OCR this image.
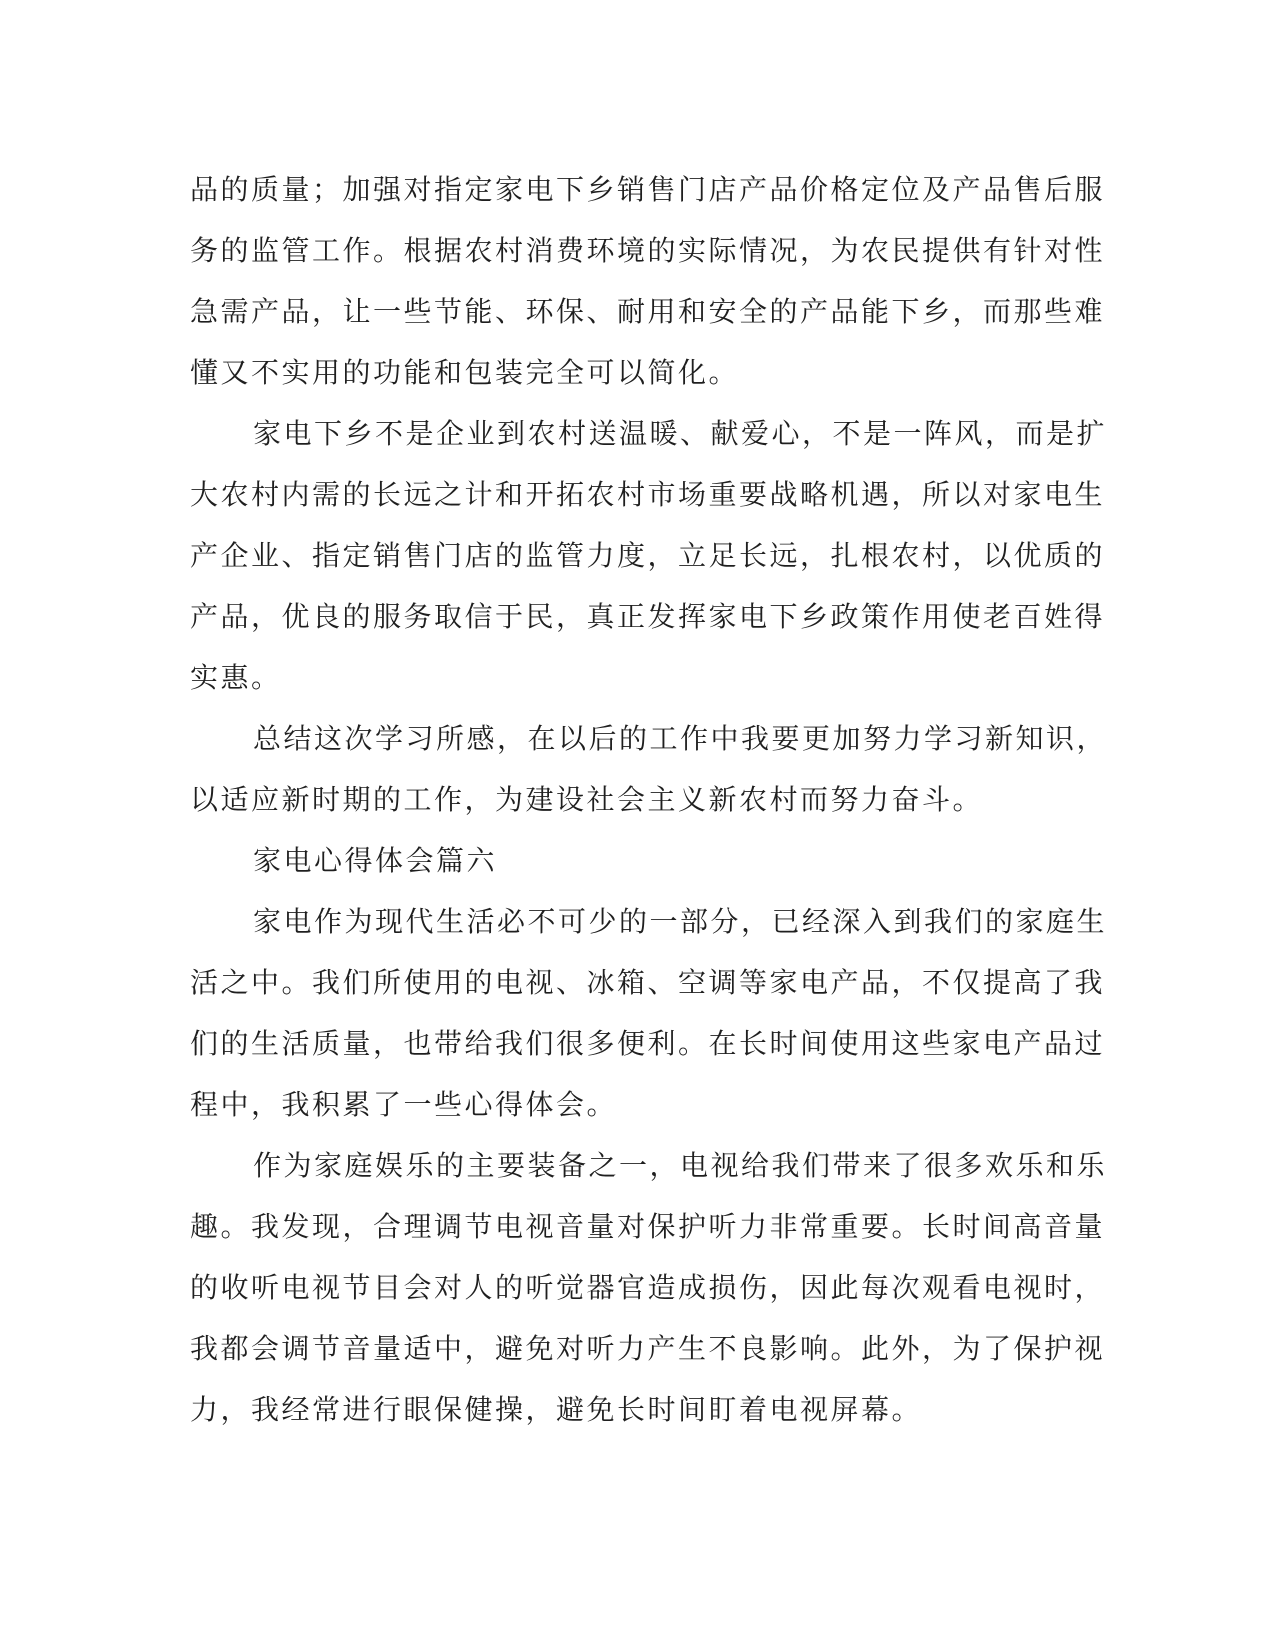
品的质量；加强对指定家电下乡销售门店产品价格定位及产品售后服
务的监管工作。根据农村消费环境的实际情况，为农民提供有针对性
急需产品，让一些节能、环保、耐用和安全的产品能下乡，而那些难
懂又不实用的功能和包装完全可以简化。
家电下乡不是企业到农村送温暖、献爱心，不是一阵风，而是扩
大农村内需的长远之计和开拓农村市场重要战略机遇，所以对家电生
产企业、指定销售门店的监管力度，立足长远，扎根农村，以优质的
产品，优良的服务取信于民，真正发挥家电下乡政策作用使老百姓得
实惠。
总结这次学习所感，在以后的工作中我要更加努力学习新知识，
以适应新时期的工作，为建设社会主义新农村而努力奋斗。
家电心得体会篇六
家电作为现代生活必不可少的一部分，已经深入到我们的家庭生
活之中。我们所使用的电视、冰箱、空调等家电产品，不仅提高了我
们的生活质量，也带给我们很多便利。在长时间使用这些家电产品过
程中，我积累了一些心得体会。
作为家庭娱乐的主要装备之一，电视给我们带来了很多欢乐和乐
趣。我发现，合理调节电视音量对保护听力非常重要。长时间高音量
的收听电视节目会对人的听觉器官造成损伤，因此每次观看电视时，
我都会调节音量适中，避免对听力产生不良影响。此外，为了保护视
力，我经常进行眼保健操，避免长时间盯着电视屏幕。
